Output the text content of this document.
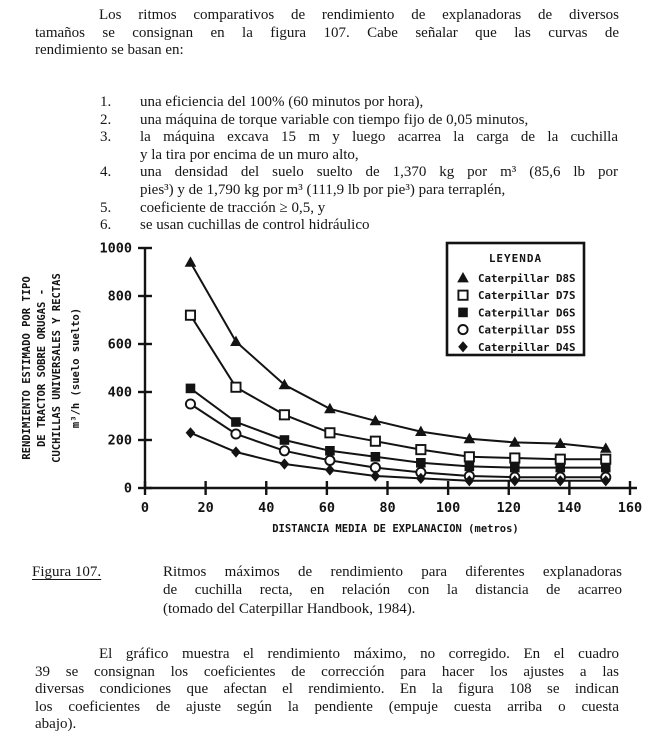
Los ritmos comparativos de rendimiento de explanadoras de diversos
tamaños se consignan en la figura 107. Cabe señalar que las curvas de
rendimiento se basan en:
1. una eficiencia del 100% (60 minutos por hora),
2. una máquina de torque variable con tiempo fijo de 0,05 minutos,
3. la máquina excava 15 m y luego acarrea la carga de la cuchilla
y la tira por encima de un muro alto,
4. una densidad del suelo suelto de 1,370 kg por m³ (85,6 lb por
pies³) y de 1,790 kg por m³ (111,9 lb por pie³) para terraplén,
5. coeficiente de tracción ≥ 0,5, y
6. se usan cuchillas de control hidráulico
0
200
400
600
800
1000
0	20	40	60	80	100	120	140	160
DISTANCIA MEDIA DE EXPLANACION (metros)
RENDIMIENTO ESTIMADO POR TIPO DE TRACTOR SOBRE ORUGAS - CUCHILLAS UNIVERSALES Y RECTAS m³/h (suelo suelto)
LEYENDA
Caterpillar D8S
Caterpillar D7S
Caterpillar D6S
Caterpillar D5S
Caterpillar D4S
Figura 107.	Ritmos máximos de rendimiento para diferentes explanadoras
de cuchilla recta, en relación con la distancia de acarreo
(tomado del Caterpillar Handbook, 1984).
El gráfico muestra el rendimiento máximo, no corregido. En el cuadro
39 se consignan los coeficientes de corrección para hacer los ajustes a las
diversas condiciones que afectan el rendimiento. En la figura 108 se indican
los coeficientes de ajuste según la pendiente (empuje cuesta arriba o cuesta
abajo).
